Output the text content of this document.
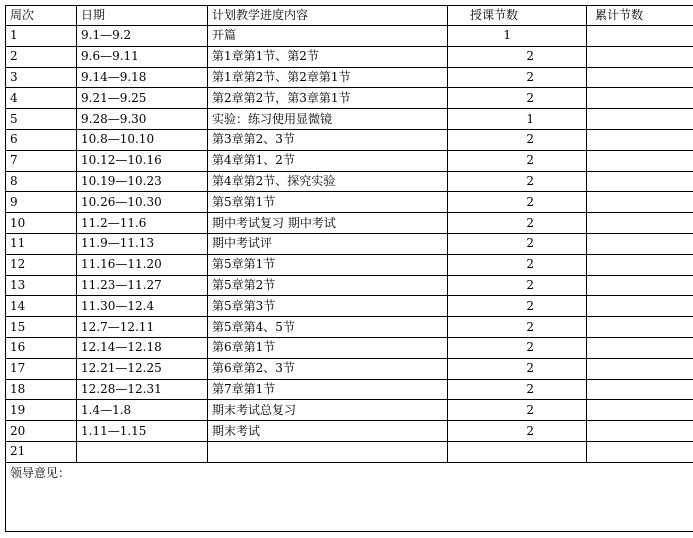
周次	日期	计划教学进度内容	授课节数	累计节数
1	9.1—9.2	开篇	1	
2	9.6—9.11	第1章第1节、第2节	2	
3	9.14—9.18	第1章第2节、第2章第1节	2	
4	9.21—9.25	第2章第2节，第3章第1节	2	
5	9.28—9.30	实验：练习使用显微镜	1	
6	10.8—10.10	第3章第2、3节	2	
7	10.12—10.16	第4章第1、2节	2	
8	10.19—10.23	第4章第2节、探究实验	2	
9	10.26—10.30	第5章第1节	2	
10	11.2—11.6	期中考试复习 期中考试	2	
11	11.9—11.13	期中考试评	2	
12	11.16—11.20	第5章第1节	2	
13	11.23—11.27	第5章第2节	2	
14	11.30—12.4	第5章第3节	2	
15	12.7—12.11	第5章第4、5节	2	
16	12.14—12.18	第6章第1节	2	
17	12.21—12.25	第6章第2、3节	2	
18	12.28—12.31	第7章第1节	2	
19	1.4—1.8	期末考试总复习	2	
20	1.11—1.15	期末考试	2	
21				
领导意见：				
